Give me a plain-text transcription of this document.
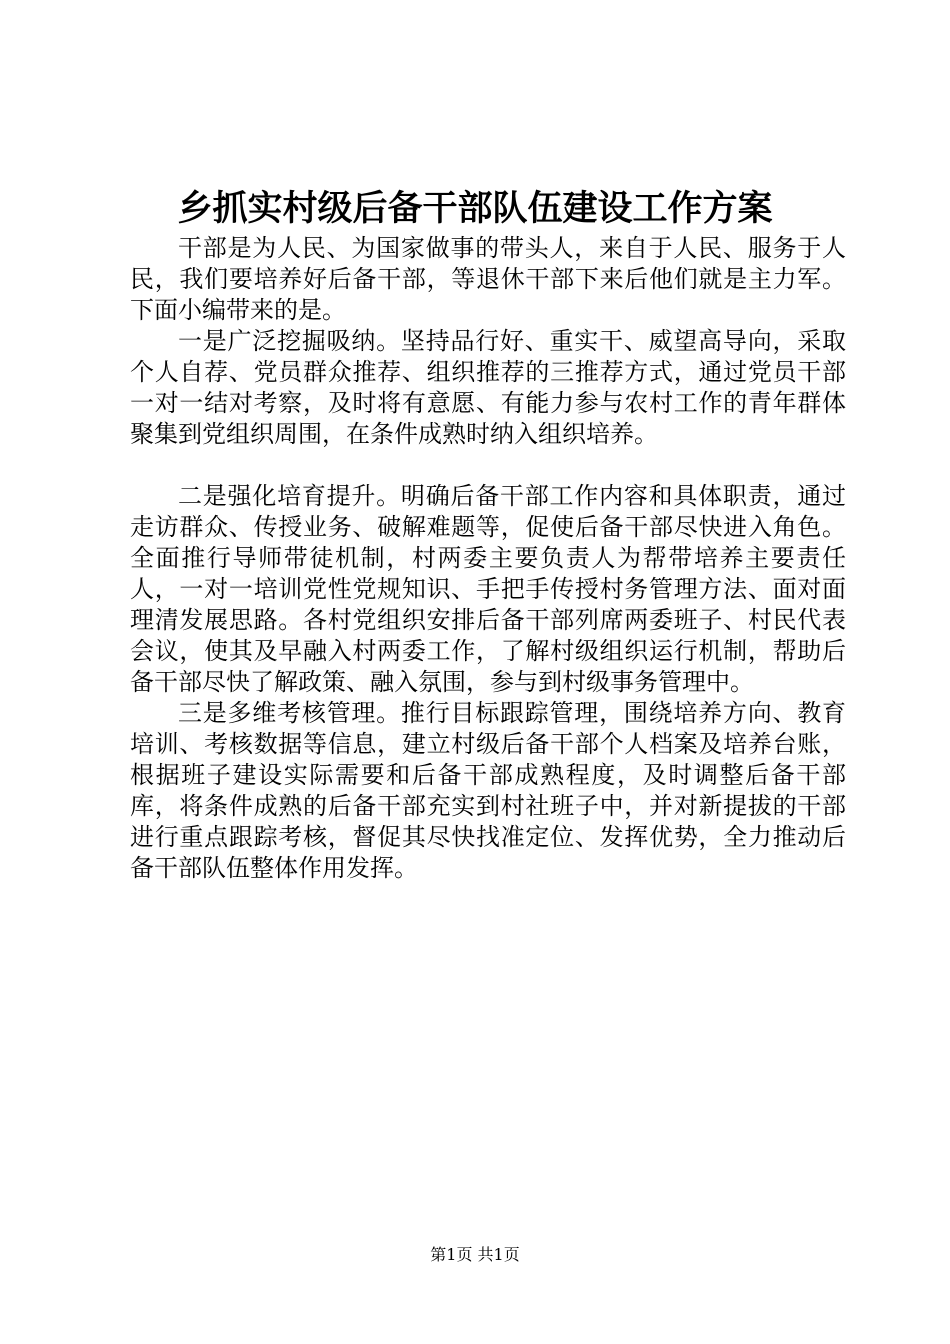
乡抓实村级后备干部队伍建设工作方案

干部是为人民、为国家做事的带头人，来自于人民、服务于人民，我们要培养好后备干部，等退休干部下来后他们就是主力军。下面小编带来的是。

一是广泛挖掘吸纳。坚持品行好、重实干、威望高导向，采取个人自荐、党员群众推荐、组织推荐的三推荐方式，通过党员干部一对一结对考察，及时将有意愿、有能力参与农村工作的青年群体聚集到党组织周围，在条件成熟时纳入组织培养。

二是强化培育提升。明确后备干部工作内容和具体职责，通过走访群众、传授业务、破解难题等，促使后备干部尽快进入角色。全面推行导师带徒机制，村两委主要负责人为帮带培养主要责任人，一对一培训党性党规知识、手把手传授村务管理方法、面对面理清发展思路。各村党组织安排后备干部列席两委班子、村民代表会议，使其及早融入村两委工作，了解村级组织运行机制，帮助后备干部尽快了解政策、融入氛围，参与到村级事务管理中。

三是多维考核管理。推行目标跟踪管理，围绕培养方向、教育培训、考核数据等信息，建立村级后备干部个人档案及培养台账，根据班子建设实际需要和后备干部成熟程度，及时调整后备干部库，将条件成熟的后备干部充实到村社班子中，并对新提拔的干部进行重点跟踪考核，督促其尽快找准定位、发挥优势，全力推动后备干部队伍整体作用发挥。

第1页 共1页
